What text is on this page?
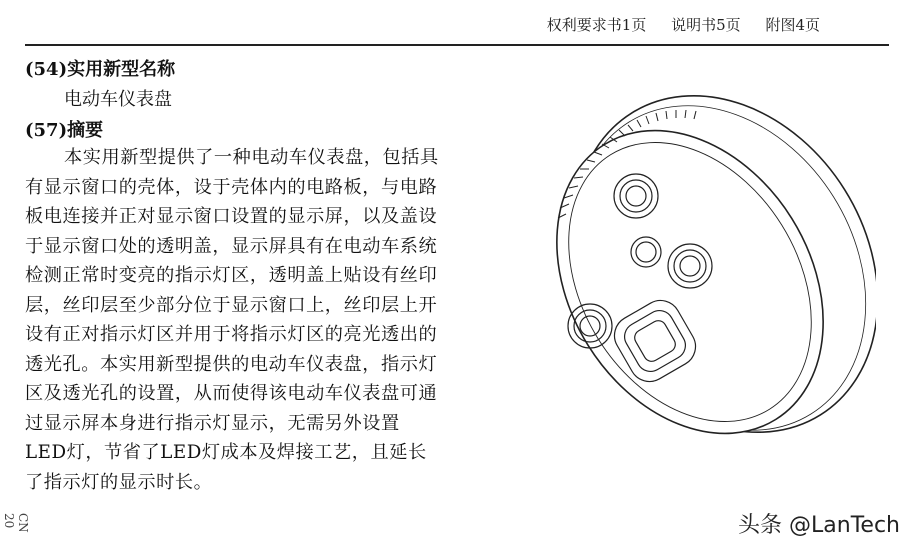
权利要求书1页 说明书5页 附图4页
(54)实用新型名称
电动车仪表盘
(57)摘要

本实用新型提供了一种电动车仪表盘，包括具有显示窗口的壳体，设于壳体内的电路板，与电路板电连接并正对显示窗口设置的显示屏，以及盖设于显示窗口处的透明盖，显示屏具有在电动车系统检测正常时变亮的指示灯区，透明盖上贴设有丝印层，丝印层至少部分位于显示窗口上，丝印层上开设有正对指示灯区并用于将指示灯区的亮光透出的透光孔。本实用新型提供的电动车仪表盘，指示灯区及透光孔的设置，从而使得该电动车仪表盘可通过显示屏本身进行指示灯显示，无需另外设置LED灯，节省了LED灯成本及焊接工艺，且延长了指示灯的显示时长。

CN 20	头条 @LanTech
